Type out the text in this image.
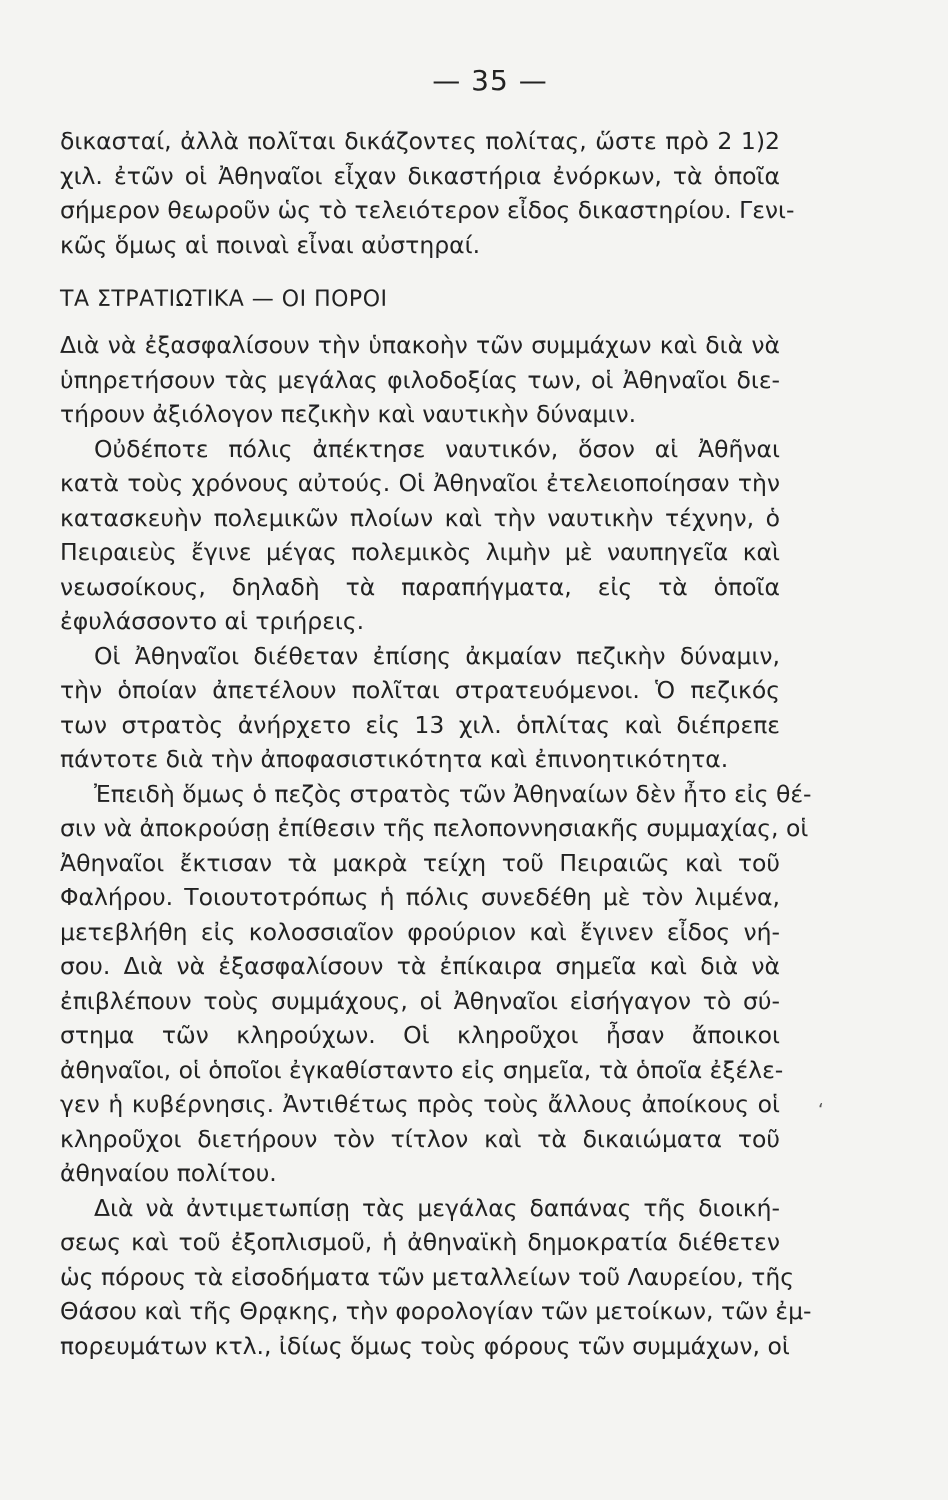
— 35 —
δικασταί, ἀλλὰ πολῖται δικάζοντες πολίτας, ὥστε πρὸ 2 1)2
χιλ. ἐτῶν οἱ Ἀθηναῖοι εἶχαν δικαστήρια ἐνόρκων, τὰ ὁποῖα
σήμερον θεωροῦν ὡς τὸ τελειότερον εἶδος δικαστηρίου. Γενι-
κῶς ὅμως αἱ ποιναὶ εἶναι αὐστηραί.
ΤΑ ΣΤΡΑΤΙΩΤΙΚΑ — ΟΙ ΠΟΡΟΙ
Διὰ νὰ ἐξασφαλίσουν τὴν ὑπακοὴν τῶν συμμάχων καὶ διὰ νὰ
ὑπηρετήσουν τὰς μεγάλας φιλοδοξίας των, οἱ Ἀθηναῖοι διε-
τήρουν ἀξιόλογον πεζικὴν καὶ ναυτικὴν δύναμιν.
Οὐδέποτε πόλις ἀπέκτησε ναυτικόν, ὅσον αἱ Ἀθῆναι
κατὰ τοὺς χρόνους αὐτούς. Οἱ Ἀθηναῖοι ἐτελειοποίησαν τὴν
κατασκευὴν πολεμικῶν πλοίων καὶ τὴν ναυτικὴν τέχνην, ὁ
Πειραιεὺς ἔγινε μέγας πολεμικὸς λιμὴν μὲ ναυπηγεῖα καὶ
νεωσοίκους, δηλαδὴ τὰ παραπήγματα, εἰς τὰ ὁποῖα
ἐφυλάσσοντο αἱ τριήρεις.
Οἱ Ἀθηναῖοι διέθεταν ἐπίσης ἀκμαίαν πεζικὴν δύναμιν,
τὴν ὁποίαν ἀπετέλουν πολῖται στρατευόμενοι. Ὁ πεζικός
των στρατὸς ἀνήρχετο εἰς 13 χιλ. ὁπλίτας καὶ διέπρεπε
πάντοτε διὰ τὴν ἀποφασιστικότητα καὶ ἐπινοητικότητα.
Ἐπειδὴ ὅμως ὁ πεζὸς στρατὸς τῶν Ἀθηναίων δὲν ἦτο εἰς θέ-
σιν νὰ ἀποκρούσῃ ἐπίθεσιν τῆς πελοποννησιακῆς συμμαχίας, οἱ
Ἀθηναῖοι ἔκτισαν τὰ μακρὰ τείχη τοῦ Πειραιῶς καὶ τοῦ
Φαλήρου. Τοιουτοτρόπως ἡ πόλις συνεδέθη μὲ τὸν λιμένα,
μετεβλήθη εἰς κολοσσιαῖον φρούριον καὶ ἔγινεν εἶδος νή-
σου. Διὰ νὰ ἐξασφαλίσουν τὰ ἐπίκαιρα σημεῖα καὶ διὰ νὰ
ἐπιβλέπουν τοὺς συμμάχους, οἱ Ἀθηναῖοι εἰσήγαγον τὸ σύ-
στημα τῶν κληρούχων. Οἱ κληροῦχοι ἦσαν ἄποικοι
ἀθηναῖοι, οἱ ὁποῖοι ἐγκαθίσταντο εἰς σημεῖα, τὰ ὁποῖα ἐξέλε-
γεν ἡ κυβέρνησις. Ἀντιθέτως πρὸς τοὺς ἄλλους ἀποίκους οἱ
κληροῦχοι διετήρουν τὸν τίτλον καὶ τὰ δικαιώματα τοῦ
ἀθηναίου πολίτου.
Διὰ νὰ ἀντιμετωπίσῃ τὰς μεγάλας δαπάνας τῆς διοική-
σεως καὶ τοῦ ἐξοπλισμοῦ, ἡ ἀθηναϊκὴ δημοκρατία διέθετεν
ὡς πόρους τὰ εἰσοδήματα τῶν μεταλλείων τοῦ Λαυρείου, τῆς
Θάσου καὶ τῆς Θρᾳκης, τὴν φορολογίαν τῶν μετοίκων, τῶν ἐμ-
πορευμάτων κτλ., ἰδίως ὅμως τοὺς φόρους τῶν συμμάχων, οἱ
‘
